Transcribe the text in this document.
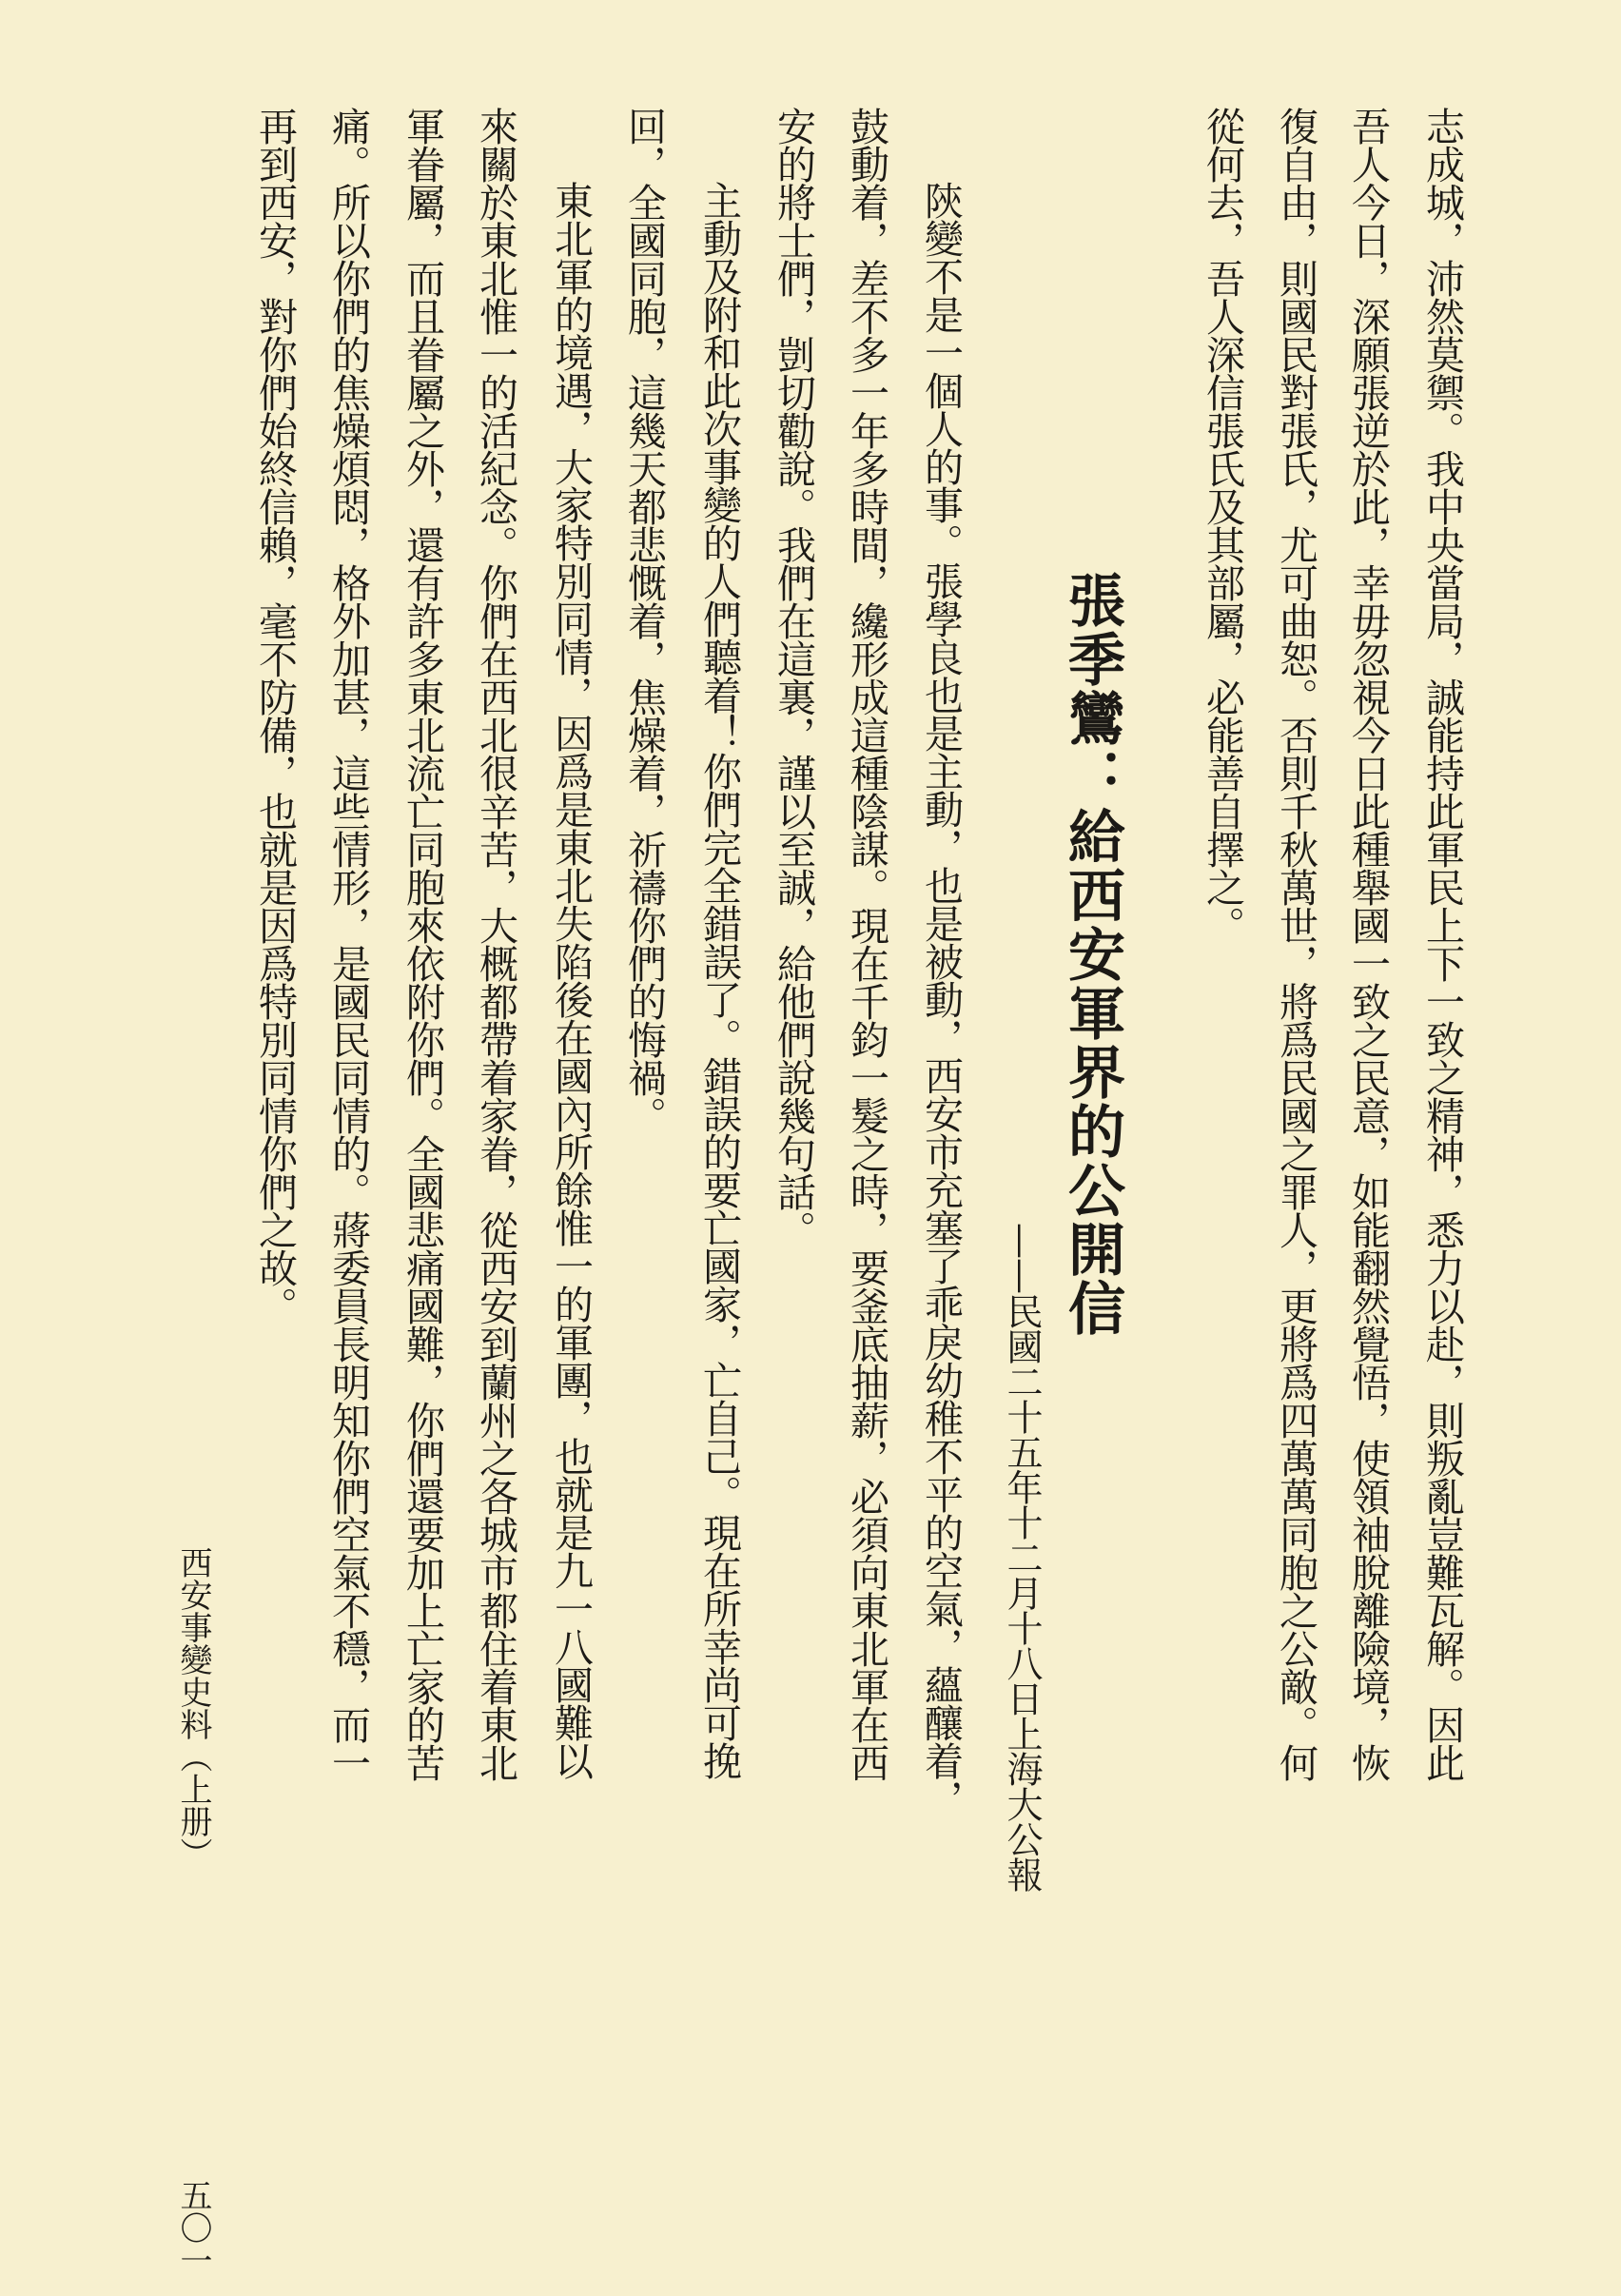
志成城，沛然莫禦。我中央當局，誠能持此軍民上下一致之精神，悉力以赴，則叛亂豈難瓦解。因此
吾人今日，深願張逆於此，幸毋忽視今日此種舉國一致之民意，如能翻然覺悟，使領袖脫離險境，恢
復自由，則國民對張氏，尤可曲恕。否則千秋萬世，將爲民國之罪人，更將爲四萬萬同胞之公敵。何
從何去，吾人深信張氏及其部屬，必能善自擇之。
張季鸞：給西安軍界的公開信
——民國二十五年十二月十八日上海大公報
陝變不是一個人的事。張學良也是主動，也是被動，西安市充塞了乖戾幼稚不平的空氣，蘊釀着，
鼓動着，差不多一年多時間，纔形成這種陰謀。現在千鈞一髮之時，要釜底抽薪，必須向東北軍在西
安的將士們，剴切勸說。我們在這裏，謹以至誠，給他們說幾句話。
主動及附和此次事變的人們聽着！你們完全錯誤了。錯誤的要亡國家，亡自己。現在所幸尚可挽
回，全國同胞，這幾天都悲慨着，焦燥着，祈禱你們的悔禍。
東北軍的境遇，大家特別同情，因爲是東北失陷後在國內所餘惟一的軍團，也就是九一八國難以
來關於東北惟一的活紀念。你們在西北很辛苦，大概都帶着家眷，從西安到蘭州之各城市都住着東北
軍眷屬，而且眷屬之外，還有許多東北流亡同胞來依附你們。全國悲痛國難，你們還要加上亡家的苦
痛。所以你們的焦燥煩悶，格外加甚，這些情形，是國民同情的。蔣委員長明知你們空氣不穩，而一
再到西安，對你們始終信賴，毫不防備，也就是因爲特別同情你們之故。
西安事變史料（上册）
五〇一
